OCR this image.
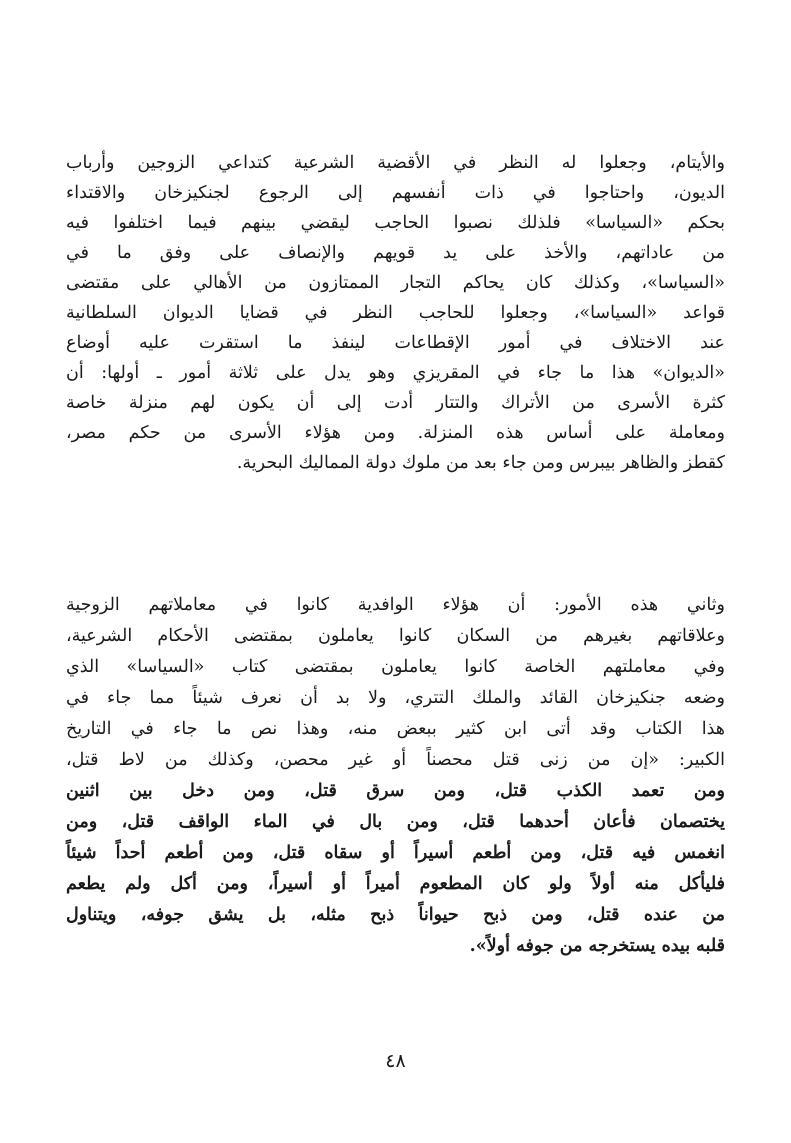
والأيتام، وجعلوا له النظر في الأقضية الشرعية كتداعي الزوجين وأرباب
الديون، واحتاجوا في ذات أنفسهم إلى الرجوع لجنكيزخان والاقتداء
بحكم «السياسا» فلذلك نصبوا الحاجب ليقضي بينهم فيما اختلفوا فيه
من عاداتهم، والأخذ على يد قويهم والإنصاف على وفق ما في
«السياسا»، وكذلك كان يحاكم التجار الممتازون من الأهالي على مقتضى
قواعد «السياسا»، وجعلوا للحاجب النظر في قضايا الديوان السلطانية
عند الاختلاف في أمور الإقطاعات لينفذ ما استقرت عليه أوضاع
«الديوان» هذا ما جاء في المقريزي وهو يدل على ثلاثة أمور ـ أولها: أن
كثرة الأسرى من الأتراك والتتار أدت إلى أن يكون لهم منزلة خاصة
ومعاملة على أساس هذه المنزلة. ومن هؤلاء الأسرى من حكم مصر،
كقطز والظاهر بيبرس ومن جاء بعد من ملوك دولة المماليك البحرية.
وثاني هذه الأمور: أن هؤلاء الوافدية كانوا في معاملاتهم الزوجية
وعلاقاتهم بغيرهم من السكان كانوا يعاملون بمقتضى الأحكام الشرعية،
وفي معاملتهم الخاصة كانوا يعاملون بمقتضى كتاب «السياسا» الذي
وضعه جنكيزخان القائد والملك التتري، ولا بد أن نعرف شيئاً مما جاء في
هذا الكتاب وقد أتى ابن كثير ببعض منه، وهذا نص ما جاء في التاريخ
الكبير: «إن من زنى قتل محصناً أو غير محصن، وكذلك من لاط قتل،
ومن تعمد الكذب قتل، ومن سرق قتل، ومن دخل بين اثنين
يختصمان فأعان أحدهما قتل، ومن بال في الماء الواقف قتل، ومن
انغمس فيه قتل، ومن أطعم أسيراً أو سقاه قتل، ومن أطعم أحداً شيئاً
فليأكل منه أولاً ولو كان المطعوم أميراً أو أسيراً، ومن أكل ولم يطعم
من عنده قتل، ومن ذبح حيواناً ذبح مثله، بل يشق جوفه، ويتناول
قلبه بيده يستخرجه من جوفه أولاً».
٤٨
